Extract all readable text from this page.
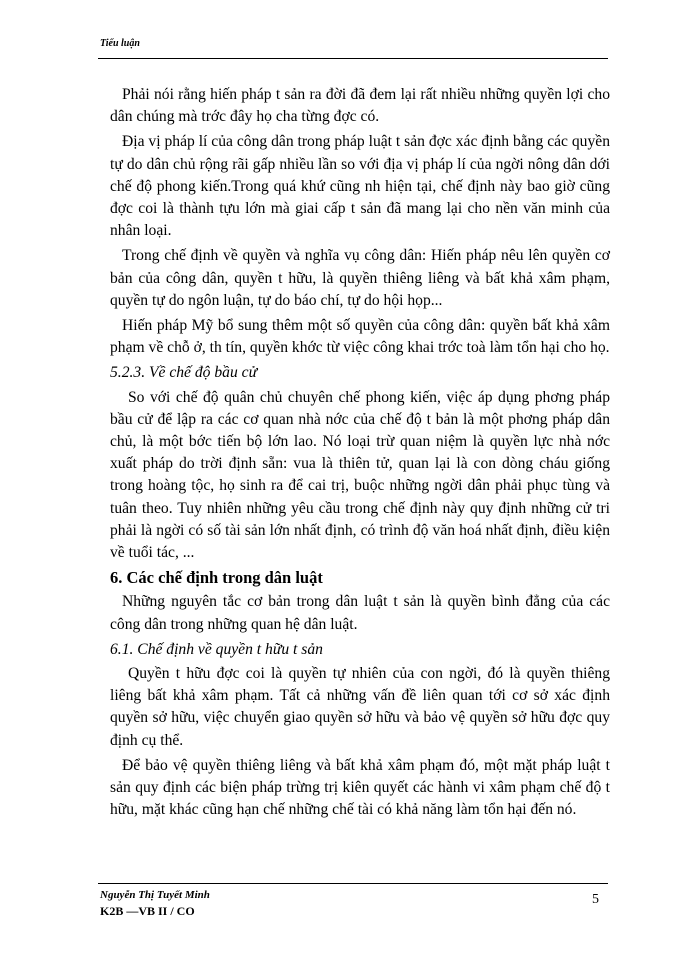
Tiểu luận

Phải nói rằng hiến pháp t sản ra đời đã đem lại rất nhiều những quyền lợi cho dân chúng mà trớc đây họ cha từng đợc có.

Địa vị pháp lí của công dân trong pháp luật t sản đợc xác định bằng các quyền tự do dân chủ rộng rãi gấp nhiều lần so với địa vị pháp lí của ngời nông dân dới chế độ phong kiến.Trong quá khứ cũng nh hiện tại, chế định này bao giờ cũng đợc coi là thành tựu lớn mà giai cấp t sản đã mang lại cho nền văn minh của nhân loại.

Trong chế định về quyền và nghĩa vụ công dân: Hiến pháp nêu lên quyền cơ bản của công dân, quyền t hữu, là quyền thiêng liêng và bất khả xâm phạm, quyền tự do ngôn luận, tự do báo chí, tự do hội họp...

Hiến pháp Mỹ bổ sung thêm một số quyền của công dân: quyền bất khả xâm phạm về chỗ ở, th tín, quyền khớc từ việc công khai trớc toà làm tổn hại cho họ.

5.2.3. Về chế độ bầu cử

So với chế độ quân chủ chuyên chế phong kiến, việc áp dụng phơng pháp bầu cử để lập ra các cơ quan nhà nớc của chế độ t bản là một phơng pháp dân chủ, là một bớc tiến bộ lớn lao. Nó loại trừ quan niệm là quyền lực nhà nớc xuất pháp do trời định sẵn: vua là thiên tử, quan lại là con dòng cháu giống trong hoàng tộc, họ sinh ra để cai trị, buộc những ngời dân phải phục tùng và tuân theo. Tuy nhiên những yêu cầu trong chế định này quy định những cử tri phải là ngời có số tài sản lớn nhất định, có trình độ văn hoá nhất định, điều kiện về tuổi tác, ...

6. Các chế định trong dân luật

Những nguyên tắc cơ bản trong dân luật t sản là quyền bình đẳng của các công dân trong những quan hệ dân luật.

6.1. Chế định về quyền t hữu t sản

Quyền t hữu đợc coi là quyền tự nhiên của con ngời, đó là quyền thiêng liêng bất khả xâm phạm. Tất cả những vấn đề liên quan tới cơ sở xác định quyền sở hữu, việc chuyển giao quyền sở hữu và bảo vệ quyền sở hữu đợc quy định cụ thể.

Để bảo vệ quyền thiêng liêng và bất khả xâm phạm đó, một mặt pháp luật t sản quy định các biện pháp trừng trị kiên quyết các hành vi xâm phạm chế độ t hữu, mặt khác cũng hạn chế những chế tài có khả năng làm tổn hại đến nó.

Nguyễn Thị Tuyết Minh
K2B —VB II / CO
5
